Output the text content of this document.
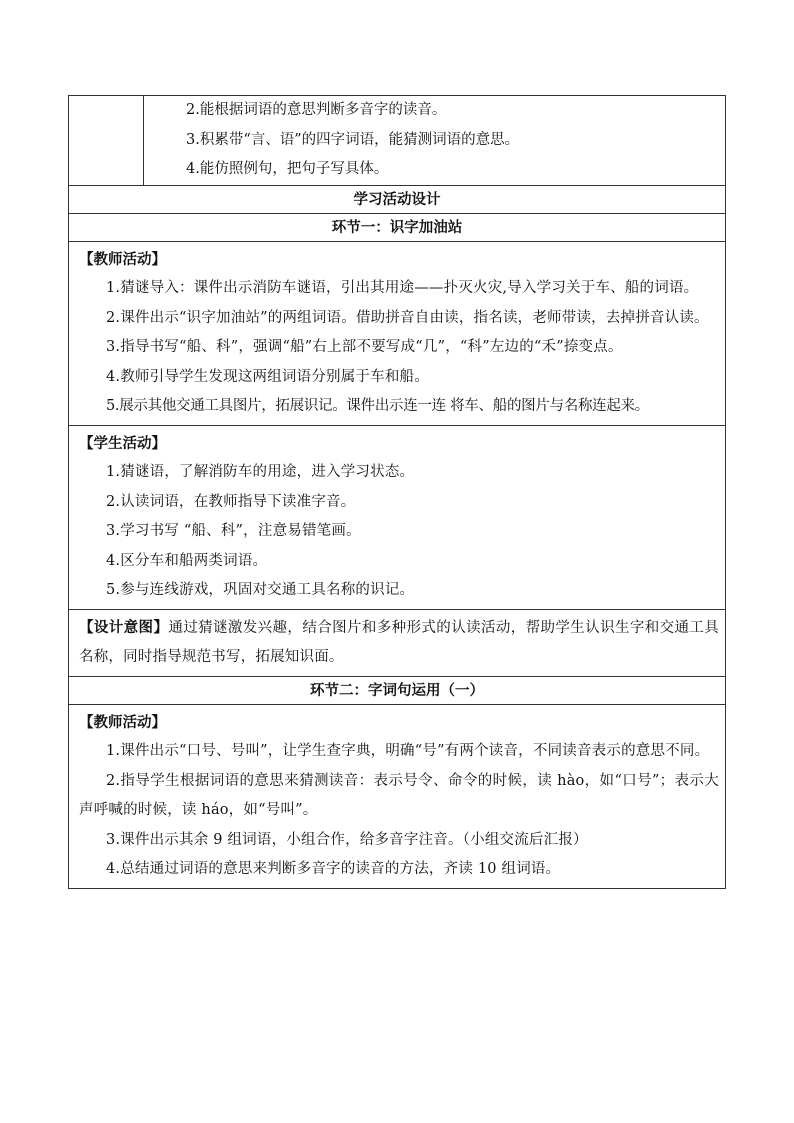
2.能根据词语的意思判断多音字的读音。
3.积累带“言、语”的四字词语，能猜测词语的意思。
4.能仿照例句，把句子写具体。

学习活动设计
环节一：识字加油站

【教师活动】
1.猜谜导入：课件出示消防车谜语，引出其用途——扑灭火灾,导入学习关于车、船的词语。
2.课件出示“识字加油站”的两组词语。借助拼音自由读，指名读，老师带读，去掉拼音认读。
3.指导书写“船、科”，强调“船”右上部不要写成“几”，“科”左边的“禾”捺变点。
4.教师引导学生发现这两组词语分别属于车和船。
5.展示其他交通工具图片，拓展识记。课件出示连一连 将车、船的图片与名称连起来。

【学生活动】
1.猜谜语，了解消防车的用途，进入学习状态。
2.认读词语，在教师指导下读准字音。
3.学习书写 “船、科”，注意易错笔画。
4.区分车和船两类词语。
5.参与连线游戏，巩固对交通工具名称的识记。

【设计意图】通过猜谜激发兴趣，结合图片和多种形式的认读活动，帮助学生认识生字和交通工具名称，同时指导规范书写，拓展知识面。

环节二：字词句运用（一）

【教师活动】
1.课件出示“口号、号叫”，让学生查字典，明确“号”有两个读音，不同读音表示的意思不同。
2.指导学生根据词语的意思来猜测读音：表示号令、命令的时候，读 hào，如“口号”；表示大声呼喊的时候，读 háo，如“号叫”。
3.课件出示其余 9 组词语，小组合作，给多音字注音。（小组交流后汇报）
4.总结通过词语的意思来判断多音字的读音的方法，齐读 10 组词语。
